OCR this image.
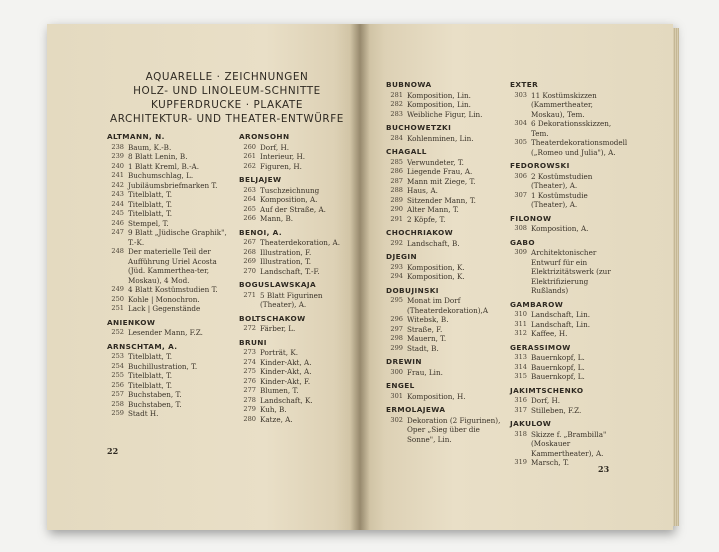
AQUARELLE · ZEICHNUNGEN
HOLZ- UND LINOLEUM-SCHNITTE
KUPFERDRUCKE · PLAKATE
ARCHITEKTUR- UND THEATER-ENTWÜRFE
ALTMANN, N.
238 Baum, K.-B.
239 8 Blatt Lenin, B.
240 1 Blatt Kreml, B.-A.
241 Buchumschlag, L.
242 Jubiläumsbriefmarken T.
243 Titelblatt, T.
244 Titelblatt, T.
245 Titelblatt, T.
246 Stempel, T.
247 9 Blatt „Jüdische Graphik", T.-K.
248 Der materielle Teil der Aufführung Uriel Acosta (Jüd. Kammerthea-ter, Moskau), 4 Mod.
249 4 Blatt Kostümstudien T.
250 Kohle | Monochron.
251 Lack | Gegenstände
ANIENKOW
252 Lesender Mann, F.Z.
ARNSCHTAM, A.
253 Titelblatt, T.
254 Buchillustration, T.
255 Titelblatt, T.
256 Titelblatt, T.
257 Buchstaben, T.
258 Buchstaben, T.
259 Stadt H.
ARONSOHN
260 Dorf, H.
261 Interieur, H.
262 Figuren, H.
BELJAJEW
263 Tuschzeichnung
264 Komposition, A.
265 Auf der Straße, A.
266 Mann, B.
BENOI, A.
267 Theaterdekoration, A.
268 Illustration, F.
269 Illustration, T.
270 Landschaft, T.-F.
BOGUSLAWSKAJA
271 5 Blatt Figurinen (Theater), A.
BOLTSCHAKOW
272 Färber, L.
BRUNI
273 Porträt, K.
274 Kinder-Akt, A.
275 Kinder-Akt, A.
276 Kinder-Akt, F.
277 Blumen, T.
278 Landschaft, K.
279 Kuh, B.
280 Katze, A.
22
BUBNOWA
281 Komposition, Lin.
282 Komposition, Lin.
283 Weibliche Figur, Lin.
BUCHOWETZKI
284 Kohlenminen, Lin.
CHAGALL
285 Verwundeter, T.
286 Liegende Frau, A.
287 Mann mit Ziege, T.
288 Haus, A.
289 Sitzender Mann, T.
290 Alter Mann, T.
291 2 Köpfe, T.
CHOCHRIAKOW
292 Landschaft, B.
DJEGIN
293 Komposition, K.
294 Komposition, K.
DOBUJINSKI
295 Monat im Dorf (Theaterdekoration),A
296 Witebsk, B.
297 Straße, F.
298 Mauern, T.
299 Stadt, B.
DREWIN
300 Frau, Lin.
ENGEL
301 Komposition, H.
ERMOLAJEWA
302 Dekoration (2 Figurinen), Oper „Sieg über die Sonne", Lin.
EXTER
303 11 Kostümskizzen (Kammertheater, Moskau), Tem.
304 6 Dekorationsskizzen, Tem.
305 Theaterdekorationsmodell („Romeo und Julia"), A.
FEDOROWSKI
306 2 Kostümstudien (Theater), A.
307 1 Kostümstudie (Theater), A.
FILONOW
308 Komposition, A.
GABO
309 Architektonischer Entwurf für ein Elektrizitätswerk (zur Elektrifizierung Rußlands)
GAMBAROW
310 Landschaft, Lin.
311 Landschaft, Lin.
312 Kaffee, H.
GERASSIMOW
313 Bauernkopf, L.
314 Bauernkopf, L.
315 Bauernkopf, L.
JAKIMTSCHENKO
316 Dorf, H.
317 Stilleben, F.Z.
JAKULOW
318 Skizze f. „Brambilla" (Moskauer Kammertheater), A.
319 Marsch, T.
23
